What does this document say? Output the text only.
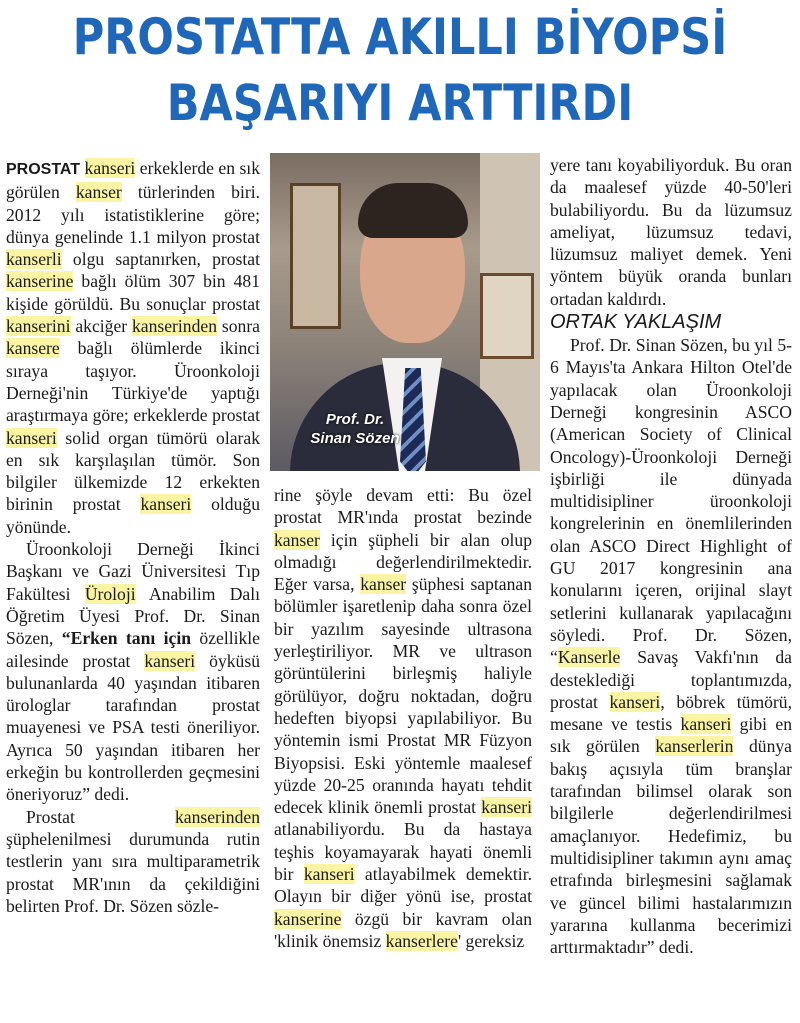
PROSTATTA AKILLI BİYOPSİ
BAŞARIYI ARTTIRDI

PROSTAT kanseri erkeklerde en sık görülen kanser türlerinden biri. 2012 yılı istatistiklerine göre; dünya genelinde 1.1 milyon prostat kanserli olgu saptanırken, prostat kanserine bağlı ölüm 307 bin 481 kişide görüldü. Bu sonuçlar prostat kanserini akciğer kanserinden sonra kansere bağlı ölümlerde ikinci sıraya taşıyor. Üroonkoloji Derneği'nin Türkiye'de yaptığı araştırmaya göre; erkeklerde prostat kanseri solid organ tümörü olarak en sık karşılaşılan tümör. Son bilgiler ülkemizde 12 erkekten birinin prostat kanseri olduğu yönünde.

Üroonkoloji Derneği İkinci Başkanı ve Gazi Üniversitesi Tıp Fakültesi Üroloji Anabilim Dalı Öğretim Üyesi Prof. Dr. Sinan Sözen, “Erken tanı için özellikle ailesinde prostat kanseri öyküsü bulunanlarda 40 yaşından itibaren ürologlar tarafından prostat muayenesi ve PSA testi öneriliyor. Ayrıca 50 yaşından itibaren her erkeğin bu kontrollerden geçmesini öneriyoruz” dedi.

Prostat kanserinden şüphelenilmesi durumunda rutin testlerin yanı sıra multiparametrik prostat MR'ının da çekildiğini belirten Prof. Dr. Sözen sözle-

Prof. Dr.
Sinan Sözen

rine şöyle devam etti: Bu özel prostat MR'ında prostat bezinde kanser için şüpheli bir alan olup olmadığı değerlendirilmektedir. Eğer varsa, kanser şüphesi saptanan bölümler işaretlenip daha sonra özel bir yazılım sayesinde ultrasona yerleştiriliyor. MR ve ultrason görüntülerini birleşmiş haliyle görülüyor, doğru noktadan, doğru hedeften biyopsi yapılabiliyor. Bu yöntemin ismi Prostat MR Füzyon Biyopsisi. Eski yöntemle maalesef yüzde 20-25 oranında hayatı tehdit edecek klinik önemli prostat kanseri atlanabiliyordu. Bu da hastaya teşhis koyamayarak hayati önemli bir kanseri atlayabilmek demektir. Olayın bir diğer yönü ise, prostat kanserine özgü bir kavram olan 'klinik önemsiz kanserlere' gereksiz

yere tanı koyabiliyorduk. Bu oran da maalesef yüzde 40-50'leri bulabiliyordu. Bu da lüzumsuz ameliyat, lüzumsuz tedavi, lüzumsuz maliyet demek. Yeni yöntem büyük oranda bunları ortadan kaldırdı.

ORTAK YAKLAŞIM

Prof. Dr. Sinan Sözen, bu yıl 5-6 Mayıs'ta Ankara Hilton Otel'de yapılacak olan Üroonkoloji Derneği kongresinin ASCO (American Society of Clinical Oncology)-Üroonkoloji Derneği işbirliği ile dünyada multidisipliner üroonkoloji kongrelerinin en önemlilerinden olan ASCO Direct Highlight of GU 2017 kongresinin ana konularını içeren, orijinal slayt setlerini kullanarak yapılacağını söyledi. Prof. Dr. Sözen, “Kanserle Savaş Vakfı'nın da desteklediği toplantımızda, prostat kanseri, böbrek tümörü, mesane ve testis kanseri gibi en sık görülen kanserlerin dünya bakış açısıyla tüm branşlar tarafından bilimsel olarak son bilgilerle değerlendirilmesi amaçlanıyor. Hedefimiz, bu multidisipliner takımın aynı amaç etrafında birleşmesini sağlamak ve güncel bilimi hastalarımızın yararına kullanma becerimizi arttırmaktadır” dedi.
